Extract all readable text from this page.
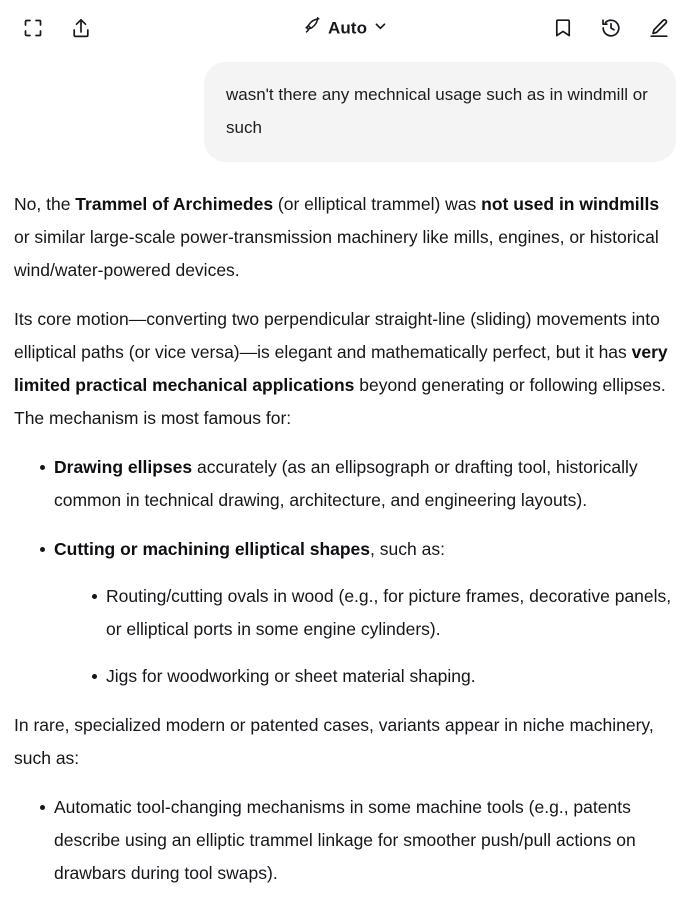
Auto
wasn't there any mechnical usage such as in windmill or such

No, the Trammel of Archimedes (or elliptical trammel) was not used in windmills or similar large-scale power-transmission machinery like mills, engines, or historical wind/water-powered devices.

Its core motion—converting two perpendicular straight-line (sliding) movements into elliptical paths (or vice versa)—is elegant and mathematically perfect, but it has very limited practical mechanical applications beyond generating or following ellipses. The mechanism is most famous for:

Drawing ellipses accurately (as an ellipsograph or drafting tool, historically common in technical drawing, architecture, and engineering layouts).
Cutting or machining elliptical shapes, such as:
Routing/cutting ovals in wood (e.g., for picture frames, decorative panels, or elliptical ports in some engine cylinders).
Jigs for woodworking or sheet material shaping.

In rare, specialized modern or patented cases, variants appear in niche machinery, such as:

Automatic tool-changing mechanisms in some machine tools (e.g., patents describe using an elliptic trammel linkage for smoother push/pull actions on drawbars during tool swaps).
